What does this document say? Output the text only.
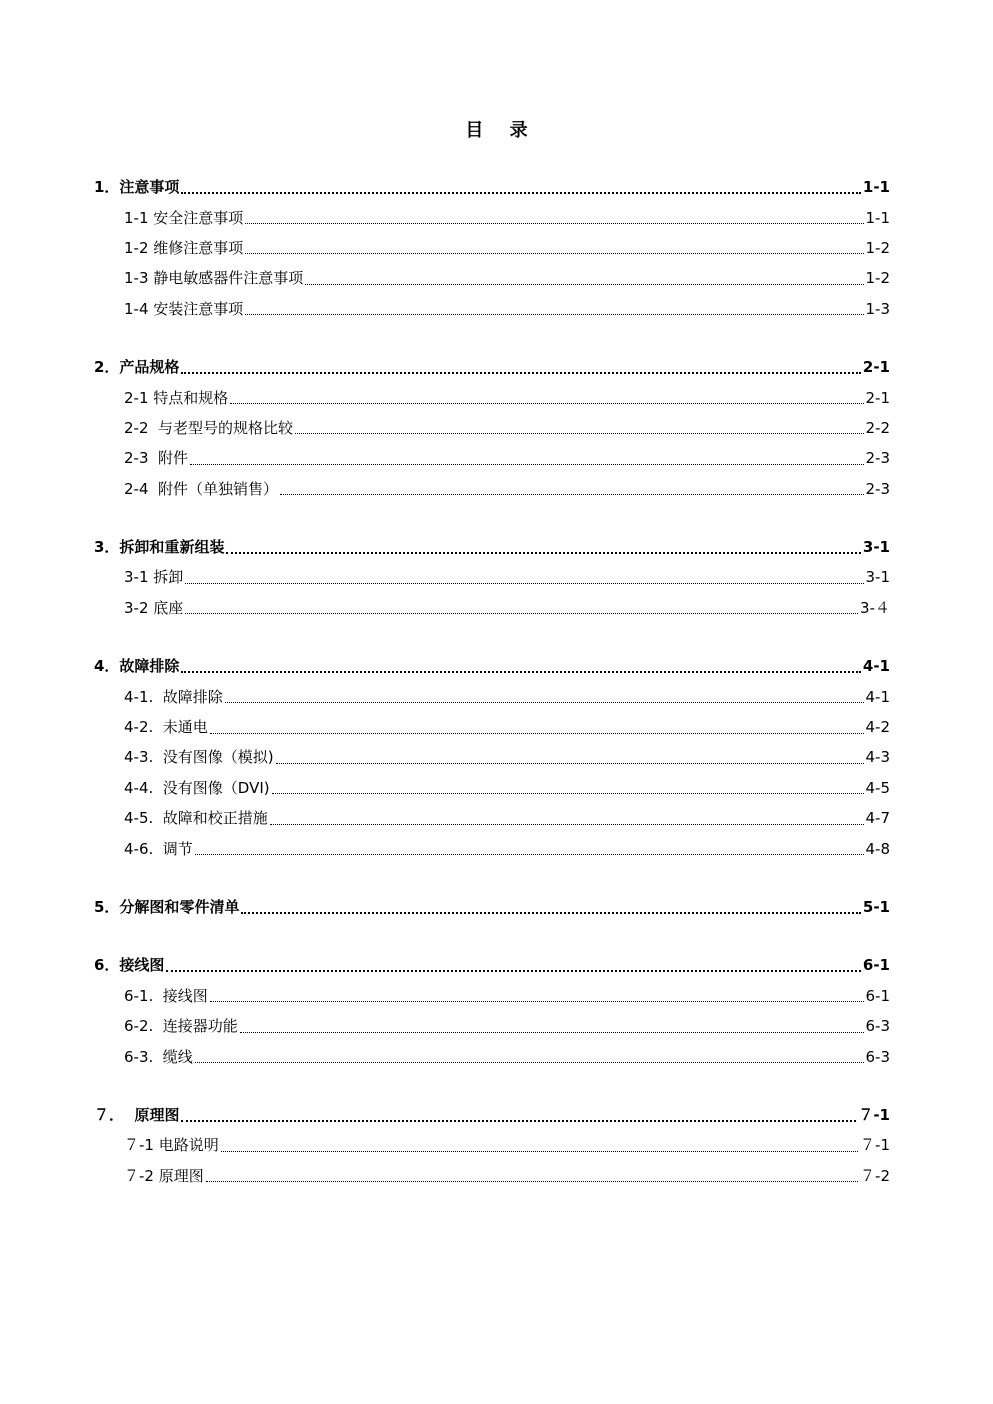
目 录
1．注意事项	1-1
1-1 安全注意事项	1-1
1-2 维修注意事项	1-2
1-3 静电敏感器件注意事项	1-2
1-4 安装注意事项	1-3
2．产品规格	2-1
2-1 特点和规格	2-1
2-2  与老型号的规格比较	2-2
2-3  附件	2-3
2-4  附件（单独销售）	2-3
3．拆卸和重新组装	3-1
3-1 拆卸	3-1
3-2 底座	3-４
4．故障排除	4-1
4-1.  故障排除	4-1
4-2.  未通电	4-2
4-3.  没有图像（模拟)	4-3
4-4.  没有图像（DVI)	4-5
4-5.  故障和校正措施	4-7
4-6.  调节	4-8
5．分解图和零件清单	5-1
6．接线图	6-1
6-1.  接线图	6-1
6-2.  连接器功能	6-3
6-3.  缆线	6-3
７．  原理图	７-1
７-1 电路说明	７-1
７-2 原理图	７-2
